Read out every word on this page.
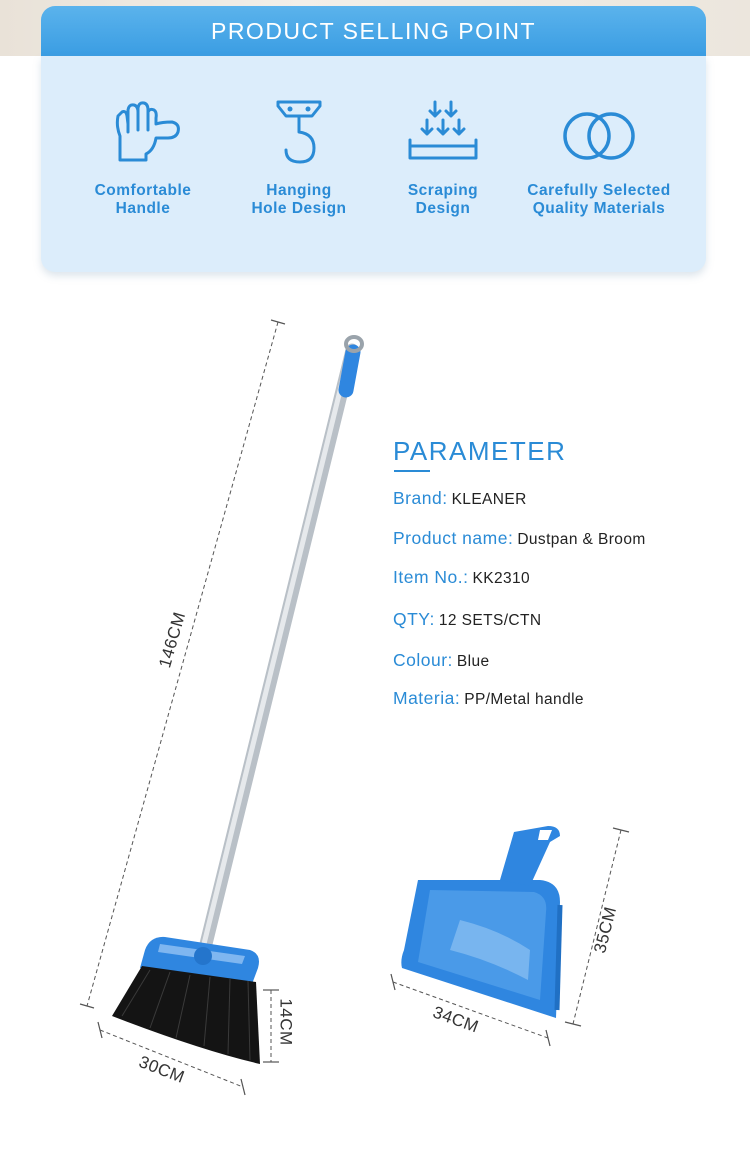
PRODUCT SELLING POINT
Comfortable
Handle
Hanging
Hole Design
Scraping
Design
Carefully Selected
Quality Materials
146CM
30CM
14CM	34CM
35CM
PARAMETER
Brand: KLEANER
Product name: Dustpan & Broom
Item No.: KK2310
QTY: 12 SETS/CTN
Colour: Blue
Materia: PP/Metal handle
